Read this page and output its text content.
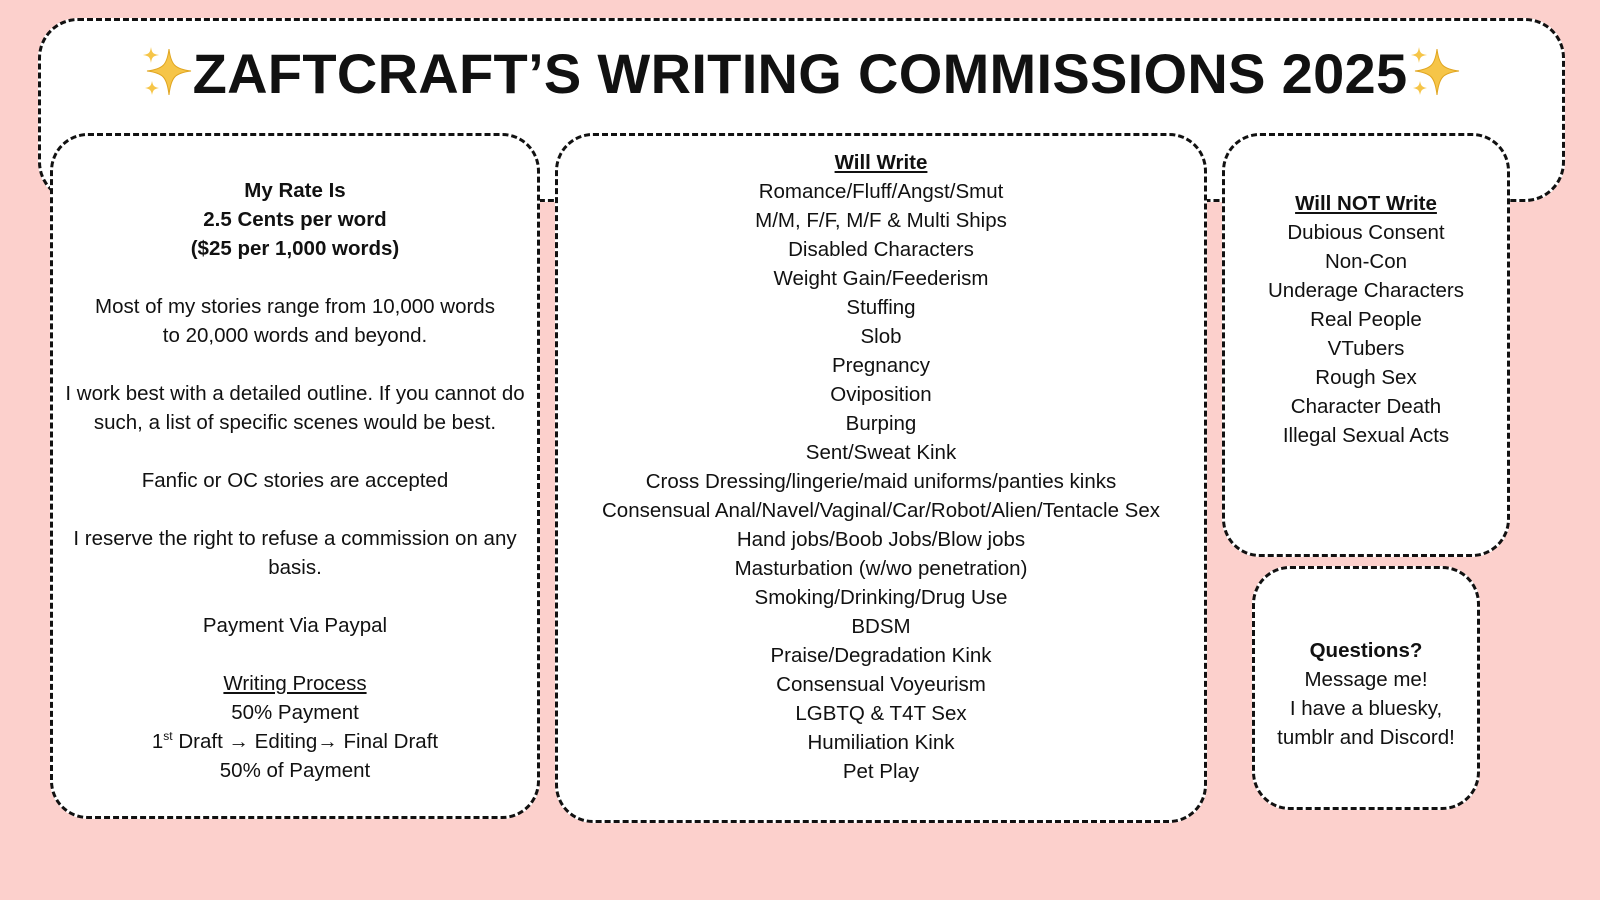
ZAFTCRAFT’S WRITING COMMISSIONS 2025
My Rate Is
2.5 Cents per word
($25 per 1,000 words)
Most of my stories range from 10,000 words to 20,000 words and beyond.
I work best with a detailed outline. If you cannot do such, a list of specific scenes would be best.
Fanfic or OC stories are accepted
I reserve the right to refuse a commission on any basis.
Payment Via Paypal
Writing Process
50% Payment
1st Draft → Editing→ Final Draft
50% of Payment
Will Write
Romance/Fluff/Angst/Smut
M/M, F/F, M/F & Multi Ships
Disabled Characters
Weight Gain/Feederism
Stuffing
Slob
Pregnancy
Oviposition
Burping
Sent/Sweat Kink
Cross Dressing/lingerie/maid uniforms/panties kinks
Consensual Anal/Navel/Vaginal/Car/Robot/Alien/Tentacle Sex
Hand jobs/Boob Jobs/Blow jobs
Masturbation (w/wo penetration)
Smoking/Drinking/Drug Use
BDSM
Praise/Degradation Kink
Consensual Voyeurism
LGBTQ & T4T Sex
Humiliation Kink
Pet Play
Will NOT Write
Dubious Consent
Non-Con
Underage Characters
Real People
VTubers
Rough Sex
Character Death
Illegal Sexual Acts
Questions?
Message me!
I have a bluesky,
tumblr and Discord!
